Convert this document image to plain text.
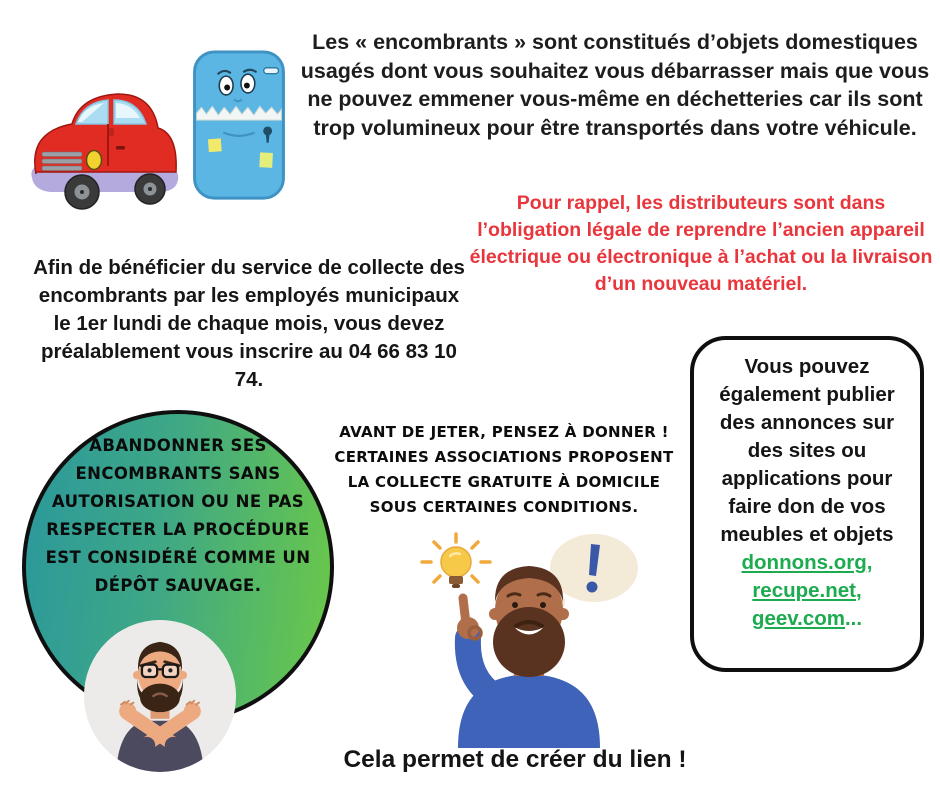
Les « encombrants » sont constitués d’objets domestiques usagés dont vous souhaitez vous débarrasser mais que vous ne pouvez emmener vous-même en déchetteries car ils sont trop volumineux pour être transportés dans votre véhicule.
Pour rappel, les distributeurs sont dans l’obligation légale de reprendre l’ancien appareil électrique ou électronique à l’achat ou la livraison d’un nouveau matériel.
Afin de bénéficier du service de collecte des encombrants par les employés municipaux le 1er lundi de chaque mois, vous devez préalablement vous inscrire au 04 66 83 10 74.
ABANDONNER SES ENCOMBRANTS SANS AUTORISATION OU NE PAS RESPECTER LA PROCÉDURE EST CONSIDÉRÉ COMME UN DÉPÔT SAUVAGE.
AVANT DE JETER, PENSEZ À DONNER ! CERTAINES ASSOCIATIONS PROPOSENT LA COLLECTE GRATUITE À DOMICILE SOUS CERTAINES CONDITIONS.
Vous pouvez également publier des annonces sur des sites ou applications pour faire don de vos meubles et objets
donnons.org,
recupe.net,
geev.com...
Cela permet de créer du lien !
